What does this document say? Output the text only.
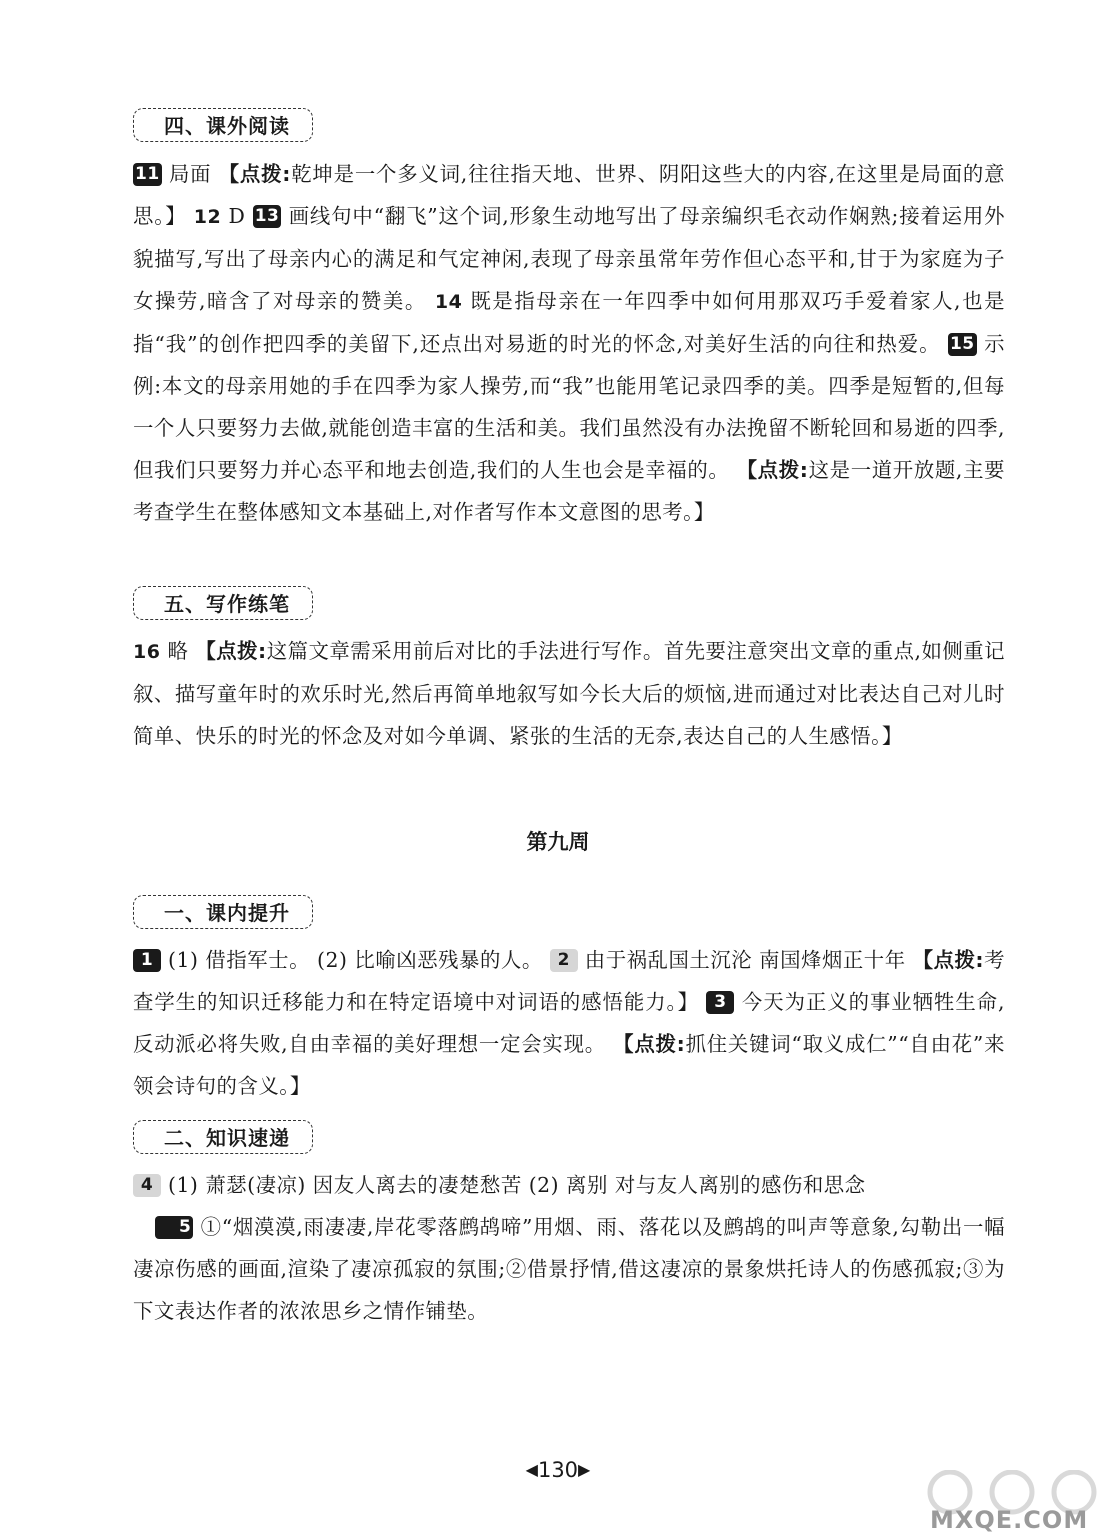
四、课外阅读

11 局面 【点拨:乾坤是一个多义词,往往指天地、世界、阴阳这些大的内容,在这里是局面的意思。】 12 D 13 画线句中“翻飞”这个词,形象生动地写出了母亲编织毛衣动作娴熟;接着运用外貌描写,写出了母亲内心的满足和气定神闲,表现了母亲虽常年劳作但心态平和,甘于为家庭为子女操劳,暗含了对母亲的赞美。 14 既是指母亲在一年四季中如何用那双巧手爱着家人,也是指“我”的创作把四季的美留下,还点出对易逝的时光的怀念,对美好生活的向往和热爱。 15 示例:本文的母亲用她的手在四季为家人操劳,而“我”也能用笔记录四季的美。四季是短暂的,但每一个人只要努力去做,就能创造丰富的生活和美。我们虽然没有办法挽留不断轮回和易逝的四季,但我们只要努力并心态平和地去创造,我们的人生也会是幸福的。 【点拨:这是一道开放题,主要考查学生在整体感知文本基础上,对作者写作本文意图的思考。】

五、写作练笔

16 略 【点拨:这篇文章需采用前后对比的手法进行写作。首先要注意突出文章的重点,如侧重记叙、描写童年时的欢乐时光,然后再简单地叙写如今长大后的烦恼,进而通过对比表达自己对儿时简单、快乐的时光的怀念及对如今单调、紧张的生活的无奈,表达自己的人生感悟。】

第九周
一、课内提升

1 (1) 借指军士。 (2) 比喻凶恶残暴的人。 2 由于祸乱国土沉沦 南国烽烟正十年 【点拨:考查学生的知识迁移能力和在特定语境中对词语的感悟能力。】 3 今天为正义的事业牺牲生命,反动派必将失败,自由幸福的美好理想一定会实现。 【点拨:抓住关键词“取义成仁”“自由花”来领会诗句的含义。】

二、知识速递

4 (1) 萧瑟(凄凉) 因友人离去的凄楚愁苦 (2) 离别 对与友人离别的感伤和思念

5 ①“烟漠漠,雨凄凄,岸花零落鹧鸪啼”用烟、雨、落花以及鹧鸪的叫声等意象,勾勒出一幅凄凉伤感的画面,渲染了凄凉孤寂的氛围;②借景抒情,借这凄凉的景象烘托诗人的伤感孤寂;③为下文表达作者的浓浓思乡之情作铺垫。

◀130▶
MXQE.COM
